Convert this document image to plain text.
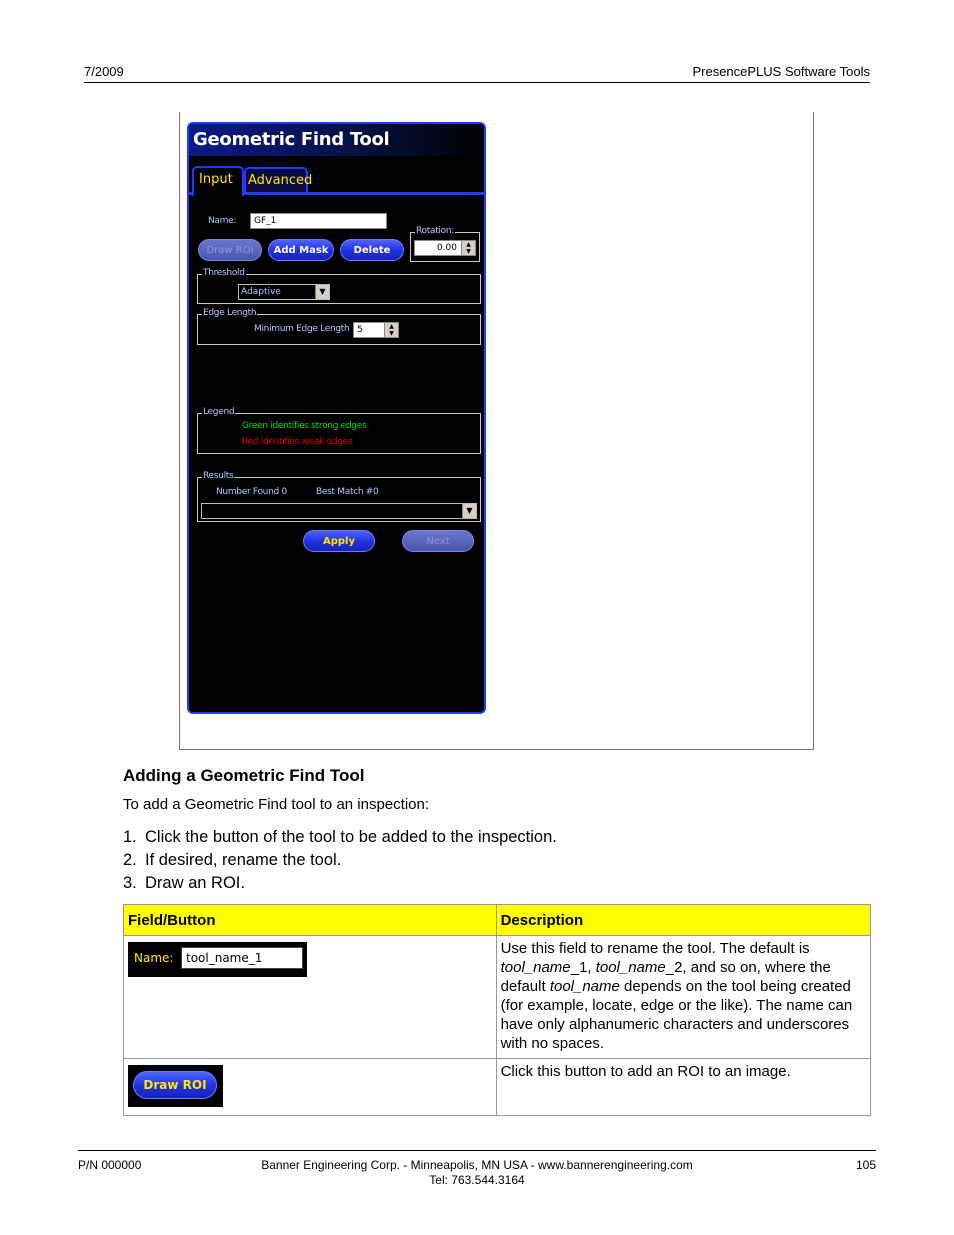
7/2009	PresencePLUS Software Tools
Geometric Find Tool
Input	Advanced
Name:	GF_1
Rotation:
0.00	▲
▼
Draw ROI	Add Mask	Delete
Threshold
Adaptive	▼
Edge Length
Minimum Edge Length 5	▲
▼
Legend
Green identifies strong edges
Red identifies weak edges
Results
Number Found 0	Best Match #0
▼
Apply	Next
Adding a Geometric Find Tool
To add a Geometric Find tool to an inspection:
1. Click the button of the tool to be added to the inspection.
2. If desired, rename the tool.
3. Draw an ROI.
Field/Button	Description

Name: tool_name_1	Use this field to rename the tool. The default is tool_name_1, tool_name_2, and so on, where the default tool_name depends on the tool being created (for example, locate, edge or the like). The name can have only alphanumeric characters and underscores with no spaces.

Draw ROI	Click this button to add an ROI to an image.
P/N 000000	Banner Engineering Corp. - Minneapolis, MN USA - www.bannerengineering.com
Tel: 763.544.3164
105
